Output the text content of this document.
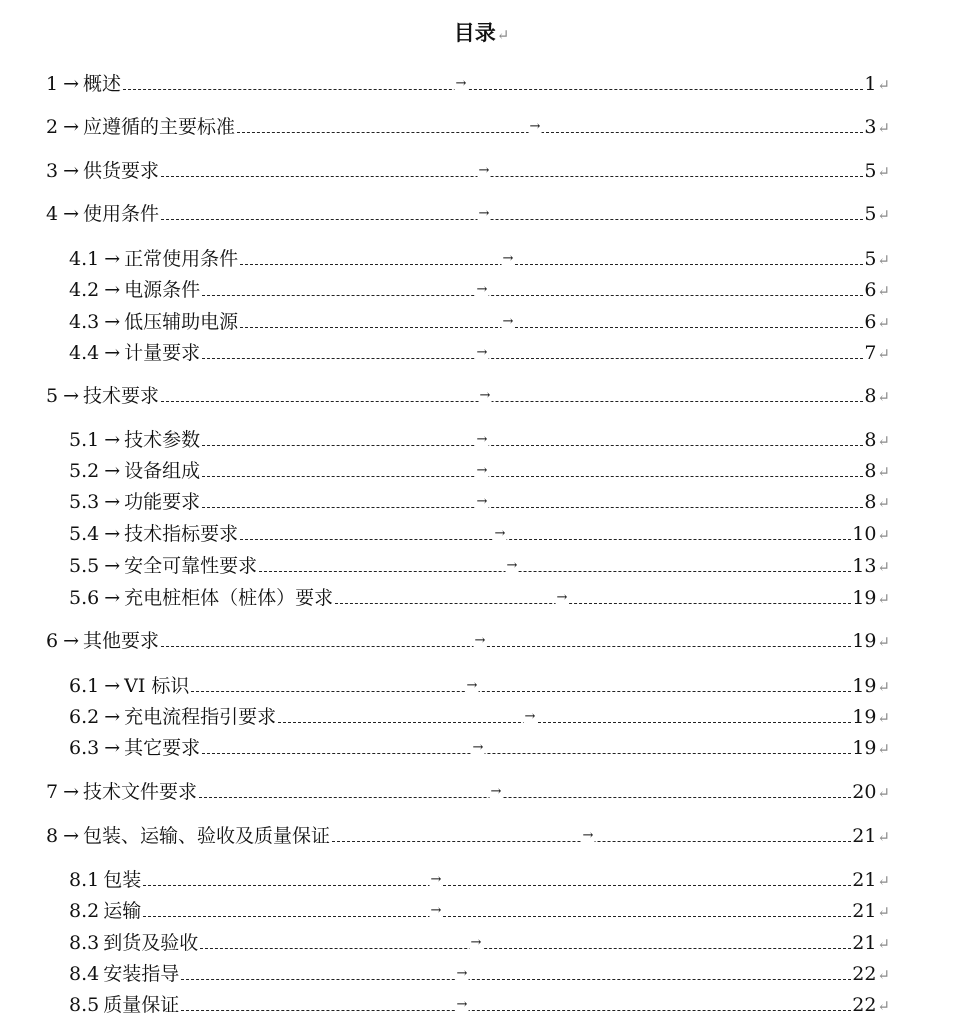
目录↵
1 → 概述	→	1 ↵
2 → 应遵循的主要标准	→	3 ↵
3 → 供货要求	→	5 ↵
4 → 使用条件	→	5 ↵
4.1 → 正常使用条件	→	5 ↵
4.2 → 电源条件	→	6 ↵
4.3 → 低压辅助电源	→	6 ↵
4.4 → 计量要求	→	7 ↵
5 → 技术要求	→	8 ↵
5.1 → 技术参数	→	8 ↵
5.2 → 设备组成	→	8 ↵
5.3 → 功能要求	→	8 ↵
5.4 → 技术指标要求	→	10 ↵
5.5 → 安全可靠性要求	→	13 ↵
5.6 → 充电桩柜体（桩体）要求	→	19 ↵
6 → 其他要求	→	19 ↵
6.1 → VI 标识	→	19 ↵
6.2 → 充电流程指引要求	→	19 ↵
6.3 → 其它要求	→	19 ↵
7 → 技术文件要求	→	20 ↵
8 → 包装、运输、验收及质量保证	→	21 ↵
8.1 包装	→	21 ↵
8.2 运输	→	21 ↵
8.3 到货及验收	→	21 ↵
8.4 安装指导	→	22 ↵
8.5 质量保证	→	22 ↵
